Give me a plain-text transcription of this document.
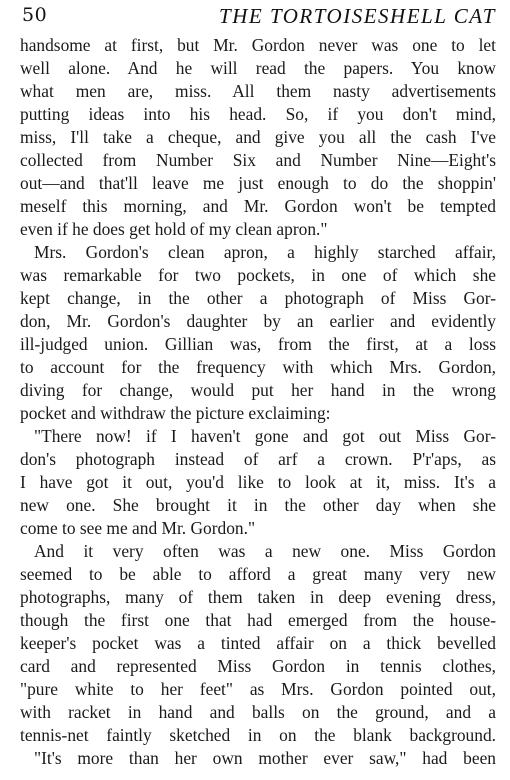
50	THE TORTOISESHELL CAT
handsome at first, but Mr. Gordon never was one to let
well alone. And he will read the papers. You know
what men are, miss. All them nasty advertisements
putting ideas into his head. So, if you don't mind,
miss, I'll take a cheque, and give you all the cash I've
collected from Number Six and Number Nine—Eight's
out—and that'll leave me just enough to do the shoppin'
meself this morning, and Mr. Gordon won't be tempted
even if he does get hold of my clean apron."
Mrs. Gordon's clean apron, a highly starched affair,
was remarkable for two pockets, in one of which she
kept change, in the other a photograph of Miss Gor-
don, Mr. Gordon's daughter by an earlier and evidently
ill-judged union. Gillian was, from the first, at a loss
to account for the frequency with which Mrs. Gordon,
diving for change, would put her hand in the wrong
pocket and withdraw the picture exclaiming:
"There now! if I haven't gone and got out Miss Gor-
don's photograph instead of arf a crown. P'r'aps, as
I have got it out, you'd like to look at it, miss. It's a
new one. She brought it in the other day when she
come to see me and Mr. Gordon."
And it very often was a new one. Miss Gordon
seemed to be able to afford a great many very new
photographs, many of them taken in deep evening dress,
though the first one that had emerged from the house-
keeper's pocket was a tinted affair on a thick bevelled
card and represented Miss Gordon in tennis clothes,
"pure white to her feet" as Mrs. Gordon pointed out,
with racket in hand and balls on the ground, and a
tennis-net faintly sketched in on the blank background.
"It's more than her own mother ever saw," had been
